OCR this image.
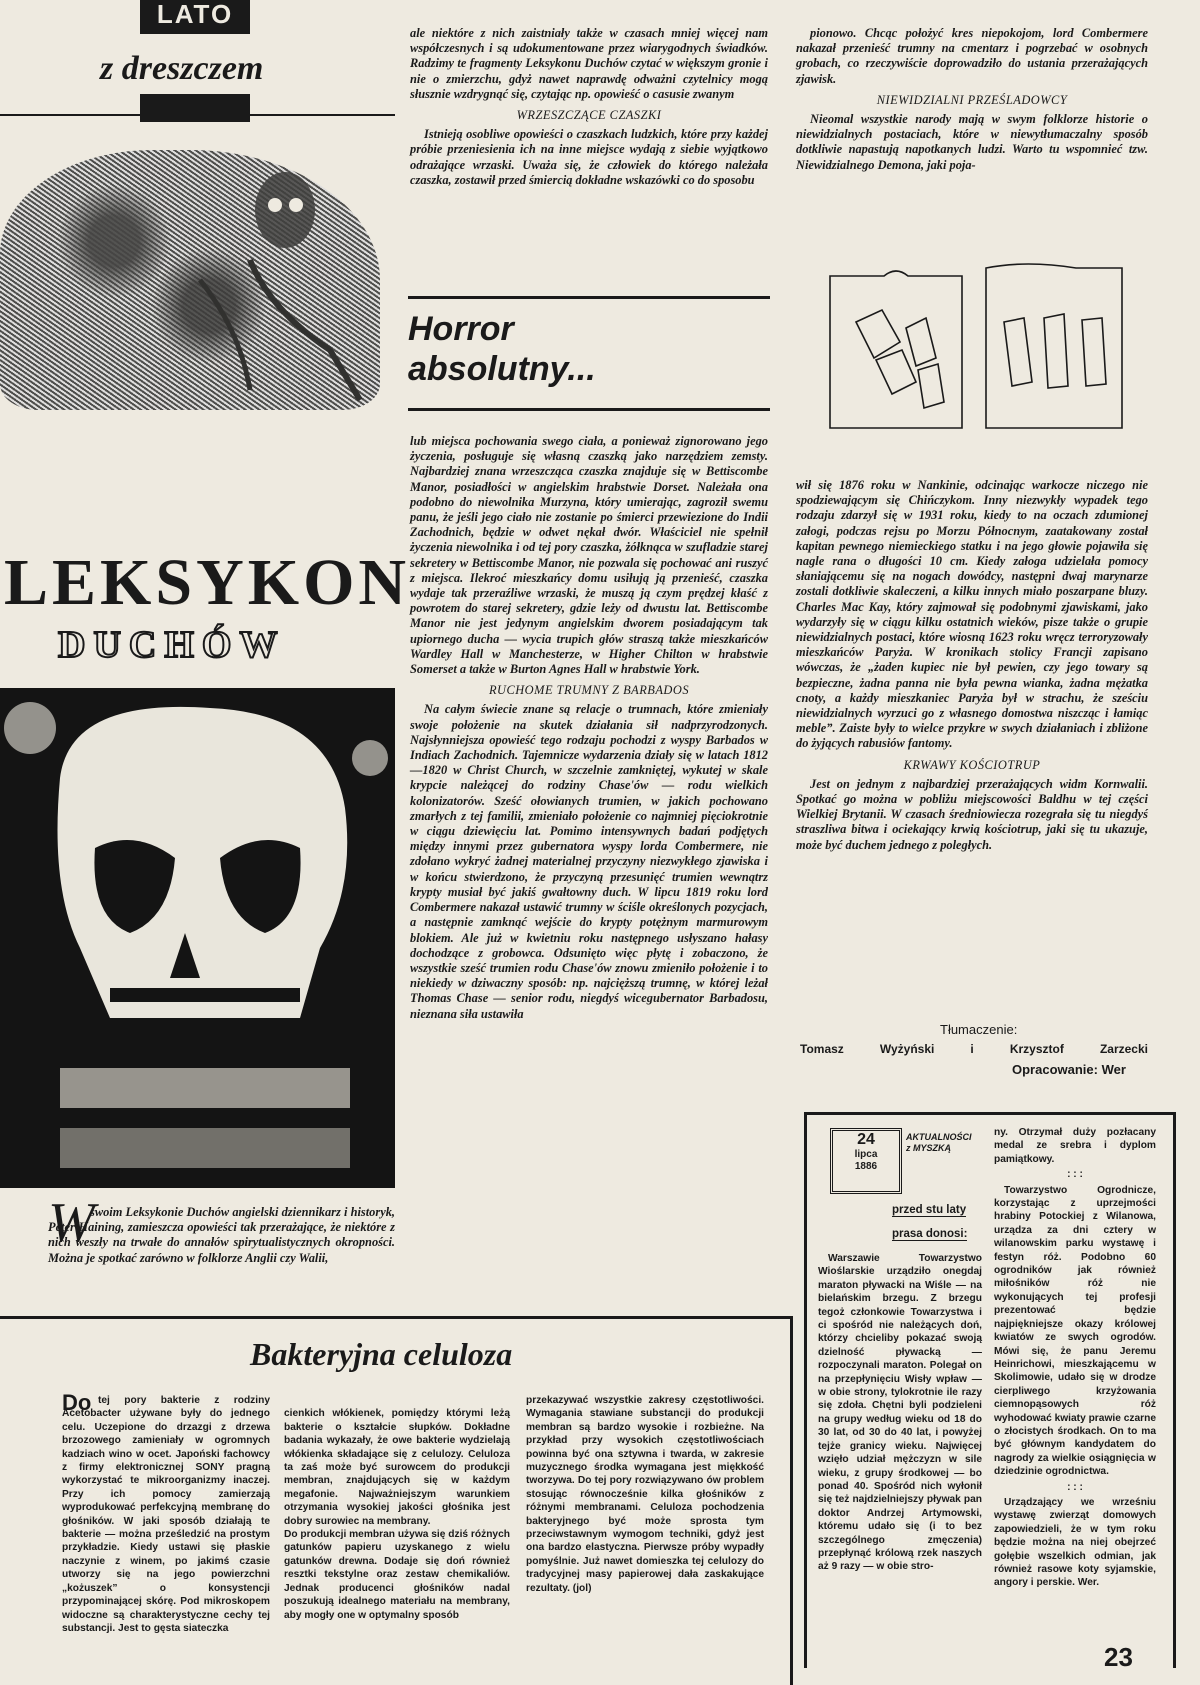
LATO
z dreszczem
LEKSYKON
DUCHÓW
W
swoim Leksykonie Duchów angielski dziennikarz i historyk, Peter Haining, zamieszcza opowieści tak przerażające, że niektóre z nich weszły na trwałe do annałów spirytualistycznych okropności. Można je spotkać zarówno w folklorze Anglii czy Walii,

ale niektóre z nich zaistniały także w czasach mniej więcej nam współczesnych i są udokumentowane przez wiarygodnych świadków. Radzimy te fragmenty Leksykonu Duchów czytać w większym gronie i nie o zmierzchu, gdyż nawet naprawdę odważni czytelnicy mogą słusznie wzdrygnąć się, czytając np. opowieść o casusie zwanym

WRZESZCZĄCE CZASZKI

Istnieją osobliwe opowieści o czaszkach ludzkich, które przy każdej próbie przeniesienia ich na inne miejsce wydają z siebie wyjątkowo odrażające wrzaski. Uważa się, że człowiek do którego należała czaszka, zostawił przed śmiercią dokładne wskazówki co do sposobu

Horror
absolutny...

pionowo. Chcąc położyć kres niepokojom, lord Combermere nakazał przenieść trumny na cmentarz i pogrzebać w osobnych grobach, co rzeczywiście doprowadziło do ustania przerażających zjawisk.

NIEWIDZIALNI PRZEŚLADOWCY

Nieomal wszystkie narody mają w swym folklorze historie o niewidzialnych postaciach, które w niewytłumaczalny sposób dotkliwie napastują napotkanych ludzi. Warto tu wspomnieć tzw. Niewidzialnego Demona, jaki poja-

lub miejsca pochowania swego ciała, a ponieważ zignorowano jego życzenia, posługuje się własną czaszką jako narzędziem zemsty. Najbardziej znana wrzeszcząca czaszka znajduje się w Bettiscombe Manor, posiadłości w angielskim hrabstwie Dorset. Należała ona podobno do niewolnika Murzyna, który umierając, zagroził swemu panu, że jeśli jego ciało nie zostanie po śmierci przewiezione do Indii Zachodnich, będzie w odwet nękał dwór. Właściciel nie spełnił życzenia niewolnika i od tej pory czaszka, żółknąca w szufladzie starej sekretery w Bettiscombe Manor, nie pozwala się pochować ani ruszyć z miejsca. Ilekroć mieszkańcy domu usiłują ją przenieść, czaszka wydaje tak przeraźliwe wrzaski, że muszą ją czym prędzej kłaść z powrotem do starej sekretery, gdzie leży od dwustu lat. Bettiscombe Manor nie jest jedynym angielskim dworem posiadającym tak upiornego ducha — wycia trupich głów straszą także mieszkańców Wardley Hall w Manchesterze, w Higher Chilton w hrabstwie Somerset a także w Burton Agnes Hall w hrabstwie York.

RUCHOME TRUMNY Z BARBADOS

Na całym świecie znane są relacje o trumnach, które zmieniały swoje położenie na skutek działania sił nadprzyrodzonych. Najsłynniejsza opowieść tego rodzaju pochodzi z wyspy Barbados w Indiach Zachodnich. Tajemnicze wydarzenia działy się w latach 1812—1820 w Christ Church, w szczelnie zamkniętej, wykutej w skale krypcie należącej do rodziny Chase'ów — rodu wielkich kolonizatorów. Sześć ołowianych trumien, w jakich pochowano zmarłych z tej familii, zmieniało położenie co najmniej pięciokrotnie w ciągu dziewięciu lat. Pomimo intensywnych badań podjętych między innymi przez gubernatora wyspy lorda Combermere, nie zdołano wykryć żadnej materialnej przyczyny niezwykłego zjawiska i w końcu stwierdzono, że przyczyną przesunięć trumien wewnątrz krypty musiał być jakiś gwałtowny duch. W lipcu 1819 roku lord Combermere nakazał ustawić trumny w ściśle określonych pozycjach, a następnie zamknąć wejście do krypty potężnym marmurowym blokiem. Ale już w kwietniu roku następnego usłyszano hałasy dochodzące z grobowca. Odsunięto więc płytę i zobaczono, że wszystkie sześć trumien rodu Chase'ów znowu zmieniło położenie i to niekiedy w dziwaczny sposób: np. najcięższą trumnę, w której leżał Thomas Chase — senior rodu, niegdyś wicegubernator Barbadosu, nieznana siła ustawiła

wił się 1876 roku w Nankinie, odcinając warkocze niczego nie spodziewającym się Chińczykom. Inny niezwykły wypadek tego rodzaju zdarzył się w 1931 roku, kiedy to na oczach zdumionej załogi, podczas rejsu po Morzu Północnym, zaatakowany został kapitan pewnego niemieckiego statku i na jego głowie pojawiła się nagle rana o długości 10 cm. Kiedy załoga udzielała pomocy słaniającemu się na nogach dowódcy, następni dwaj marynarze zostali dotkliwie skaleczeni, a kilku innych miało poszarpane bluzy. Charles Mac Kay, który zajmował się podobnymi zjawiskami, jako wydarzyły się w ciągu kilku ostatnich wieków, pisze także o grupie niewidzialnych postaci, które wiosną 1623 roku wręcz terroryzowały mieszkańców Paryża. W kronikach stolicy Francji zapisano wówczas, że „żaden kupiec nie był pewien, czy jego towary są bezpieczne, żadna panna nie była pewna wianka, żadna mężatka cnoty, a każdy mieszkaniec Paryża był w strachu, że sześciu niewidzialnych wyrzuci go z własnego domostwa niszcząc i łamiąc meble”. Zaiste były to wielce przykre w swych działaniach i zbliżone do żyjących rabusiów fantomy.

KRWAWY KOŚCIOTRUP

Jest on jednym z najbardziej przerażających widm Kornwalii. Spotkać go można w pobliżu miejscowości Baldhu w tej części Wielkiej Brytanii. W czasach średniowiecza rozegrała się tu niegdyś straszliwa bitwa i ociekający krwią kościotrup, jaki się tu ukazuje, może być duchem jednego z poległych.

Tłumaczenie:
Tomasz	Wyżyński	i	Krzysztof	Zarzecki
Opracowanie: Wer
Bakteryjna celuloza
Do tej pory bakterie z rodziny Acetobacter używane były do jednego celu. Uczepione do drzazgi z drzewa brzozowego zamieniały w ogromnych kadziach wino w ocet. Japoński fachowcy z firmy elektronicznej SONY pragną wykorzystać te mikroorganizmy inaczej. Przy ich pomocy zamierzają wyprodukować perfekcyjną membranę do głośników. W jaki sposób działają te bakterie — można prześledzić na prostym przykładzie. Kiedy ustawi się płaskie naczynie z winem, po jakimś czasie utworzy się na jego powierzchni „kożuszek” o konsystencji przypominającej skórę. Pod mikroskopem widoczne są charakterystyczne cechy tej substancji. Jest to gęsta siateczka

cienkich włókienek, pomiędzy którymi leżą bakterie o kształcie słupków. Dokładne badania wykazały, że owe bakterie wydzielają włókienka składające się z celulozy. Celuloza ta zaś może być surowcem do produkcji membran, znajdujących się w każdym megafonie. Najważniejszym warunkiem otrzymania wysokiej jakości głośnika jest dobry surowiec na membrany.
Do produkcji membran używa się dziś różnych gatunków papieru uzyskanego z wielu gatunków drewna. Dodaje się doń również resztki tekstylne oraz zestaw chemikaliów. Jednak producenci głośników nadal poszukują idealnego materiału na membrany, aby mogły one w optymalny sposób

przekazywać wszystkie zakresy częstotliwości. Wymagania stawiane substancji do produkcji membran są bardzo wysokie i rozbieżne. Na przykład przy wysokich częstotliwościach powinna być ona sztywna i twarda, w zakresie muzycznego środka wymagana jest miękkość tworzywa. Do tej pory rozwiązywano ów problem stosując równocześnie kilka głośników z różnymi membranami. Celuloza pochodzenia bakteryjnego być może sprosta tym przeciwstawnym wymogom techniki, gdyż jest ona bardzo elastyczna. Pierwsze próby wypadły pomyślnie. Już nawet domieszka tej celulozy do tradycyjnej masy papierowej dała zaskakujące rezultaty. (jol)
24
lipca
1886
AKTUALNOŚCI z MYSZKĄ
przed stu laty
prasa donosi:

Warszawie Towarzystwo Wioślarskie urządziło onegdaj maraton pływacki na Wiśle — na bielańskim brzegu. Z brzegu tegoż członkowie Towarzystwa i ci spośród nie należących doń, którzy chcieliby pokazać swoją dzielność pływacką — rozpoczynali maraton. Polegał on na przepłynięciu Wisły wpław — w obie strony, tylokrotnie ile razy się zdoła. Chętni byli podzieleni na grupy według wieku od 18 do 30 lat, od 30 do 40 lat, i powyżej tejże granicy wieku. Najwięcej wzięło udział mężczyzn w sile wieku, z grupy środkowej — bo ponad 40. Spośród nich wyłonił się też najdzielniejszy pływak pan doktor Andrzej Artymowski, któremu udało się (i to bez szczególnego zmęczenia) przepłynąć królową rzek naszych aż 9 razy — w obie stro-

ny. Otrzymał duży pozłacany medal ze srebra i dyplom pamiątkowy.

: : :

Towarzystwo Ogrodnicze, korzystając z uprzejmości hrabiny Potockiej z Wilanowa, urządza za dni cztery w wilanowskim parku wystawę i festyn róż. Podobno 60 ogrodników jak również miłośników róż nie wykonujących tej profesji prezentować będzie najpiękniejsze okazy królowej kwiatów ze swych ogrodów. Mówi się, że panu Jeremu Heinrichowi, mieszkającemu w Skolimowie, udało się w drodze cierpliwego krzyżowania ciemnopąsowych róż wyhodować kwiaty prawie czarne o złocistych środkach. On to ma być głównym kandydatem do nagrody za wielkie osiągnięcia w dziedzinie ogrodnictwa.

: : :

Urządzający we wrześniu wystawę zwierząt domowych zapowiedzieli, że w tym roku będzie można na niej obejrzeć gołębie wszelkich odmian, jak również rasowe koty syjamskie, angory i perskie. Wer.

23
